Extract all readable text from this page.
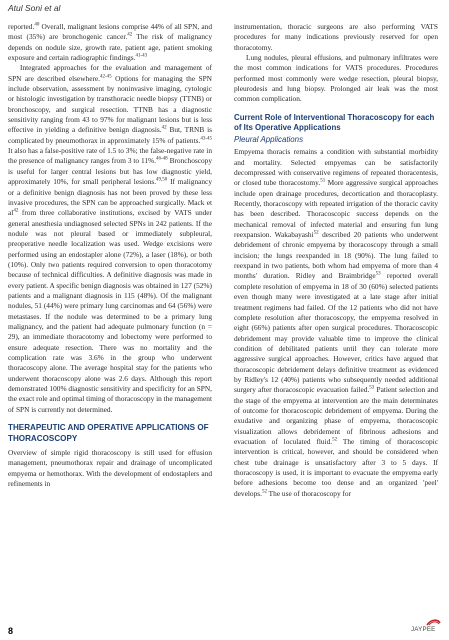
Atul Soni et al

reported.$^{40}$ Overall, malignant lesions comprise 44% of all SPN, and most (35%) are bronchogenic cancer.$^{42}$ The risk of malignancy depends on nodule size, growth rate, patient age, patient smoking exposure and certain radiographic findings.$^{41-43}$

Integrated approaches for the evaluation and management of SPN are described elsewhere.$^{42-45}$ Options for managing the SPN include observation, assessment by noninvasive imaging, cytologic or histologic investigation by transthoracic needle biopsy (TTNB) or bronchoscopy, and surgical resection. TTNB has a diagnostic sensitivity ranging from 43 to 97% for malignant lesions but is less effective in yielding a definitive benign diagnosis.$^{42}$ But, TRNB is complicated by pneumothorax in approximately 15% of patients.$^{43-45}$ It also has a false-positive rate of 1.5 to 3%; the false-negative rate in the presence of malignancy ranges from 3 to 11%.$^{46-48}$ Bronchoscopy is useful for larger central lesions but has low diagnostic yield, approximately 10%, for small peripheral lesions.$^{49,50}$ If malignancy or a definitive benign diagnosis has not been proved by these less invasive procedures, the SPN can be approached surgically. Mack et $al^{42}$ from three collaborative institutions, excised by VATS under general anesthesia undiagnosed selected SPNs in 242 patients. If the nodule was not pleural based or immediately subpleural, preoperative needle localization was used. Wedge excisions were performed using an endostapler alone (72%), a laser (18%), or both (10%). Only two patients required conversion to open thoracotomy because of technical difficulties. A definitive diagnosis was made in every patient. A specific benign diagnosis was obtained in 127 (52%) patients and a malignant diagnosis in 115 (48%). Of the malignant nodules, 51 (44%) were primary lung carcinomas and 64 (56%) were metastases. If the nodule was determined to be a primary lung malignancy, and the patient had adequate pulmonary function (n = 29), an immediate thoracotomy and lobectomy were performed to ensure adequate resection. There was no mortality and the complication rate was 3.6% in the group who underwent thoracoscopy alone. The average hospital stay for the patients who underwent thoracoscopy alone was 2.6 days. Although this report demonstrated 100% diagnostic sensitivity and specificity for an SPN, the exact role and optimal timing of thoracoscopy in the management of SPN is currently not determined.

THERAPEUTIC AND OPERATIVE APPLICATIONS OF THORACOSCOPY

Overview of simple rigid thoracoscopy is still used for effusion management, pneumothorax repair and drainage of uncomplicated empyema or hemothorax. With the development of endostaplers and refinements in

instrumentation, thoracic surgeons are also performing VATS procedures for many indications previously reserved for open thoracotomy.

Lung nodules, pleural effusions, and pulmonary infiltrates were the most common indications for VATS procedures. Procedures performed most commonly were wedge resection, pleural biopsy, pleurodesis and lung biopsy. Prolonged air leak was the most common complication.

Current Role of Interventional Thoracoscopy for each of Its Operative Applications
Pleural Applications

Empyema thoracis remains a condition with substantial morbidity and mortality. Selected empyemas can be satisfactorily decompressed with conservative regimens of repeated thoracentesis, or closed tube thoracostomy.$^{51}$ More aggressive surgical approaches include open drainage procedures, decortication and thoracoplasty. Recently, thoracoscopy with repeated irrigation of the thoracic cavity has been described. Thoracoscopic success depends on the mechanical removal of infected material and ensuring fun lung reexpansion. Wakabayashi$^{52}$ described 20 patients who underwent debridement of chronic empyema by thoracoscopy through a small incision; the lungs reexpanded in 18 (90%). The lung failed to reexpand in two patients, both whom had empyema of more than 4 months' duration. Ridley and Braimbridge$^{53}$ reported overall complete resolution of empyema in 18 of 30 (60%) selected patients even though many were investigated at a late stage after initial treatment regimens had failed. Of the 12 patients who did not have complete resolution after thoracoscopy, the empyema resolved in eight (66%) patients after open surgical procedures. Thoracoscopic debridement may provide valuable time to improve the clinical condition of debilitated patients until they can tolerate more aggressive surgical approaches. However, critics have argued that thoracoscopic debridement delays definitive treatment as evidenced by Ridley's 12 (40%) patients who subsequently needed additional surgery after thoracoscopic evacuation failed.$^{53}$ Patient selection and the stage of the empyema at intervention are the main determinates of outcome for thoracoscopic debridement of empyema. During the exudative and organizing phase of empyema, thoracoscopic visualization allows debridement of fibrinous adhesions and evacuation of loculated fluid.$^{52}$ The timing of thoracoscopic intervention is critical, however, and should be considered when chest tube drainage is unsatisfactory after 3 to 5 days. If thoracoscopy is used, it is important to evacuate the empyema early before adhesions become too dense and an organized 'peel' develops.$^{52}$ The use of thoracoscopy for

8	JAYPEE
